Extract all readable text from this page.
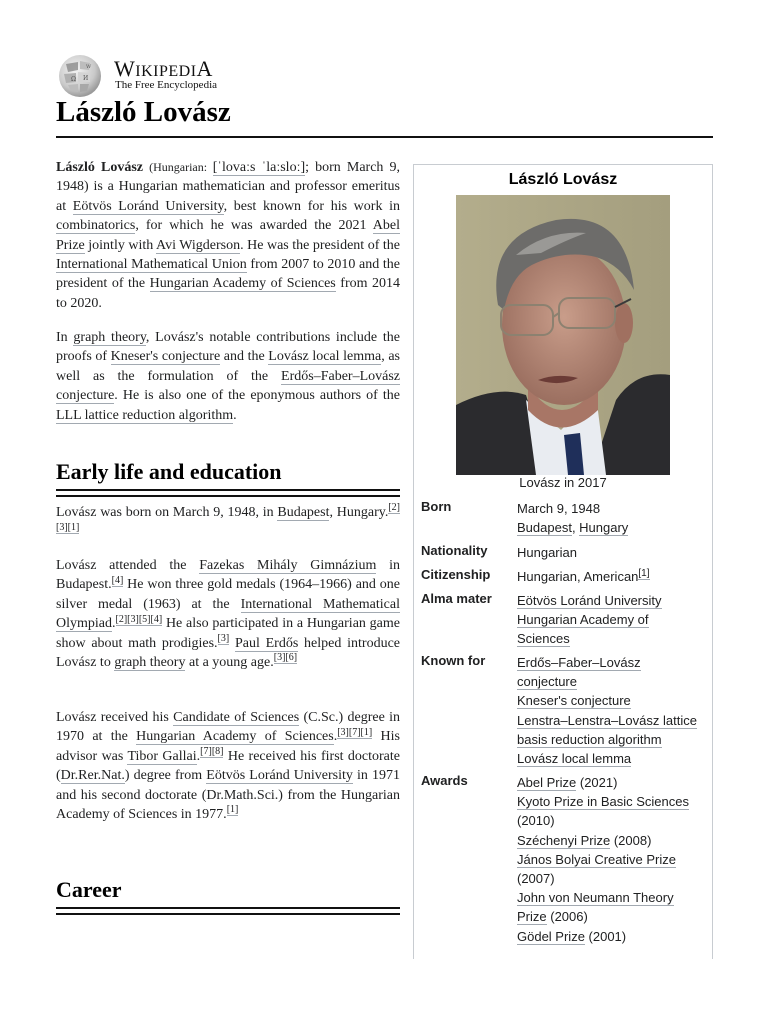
Ω И
W WIKIPEDIA
The Free Encyclopedia
László Lovász

László Lovász (Hungarian: [ˈlovaːs ˈlaːsloː]; born March 9, 1948) is a Hungarian mathematician and professor emeritus at Eötvös Loránd University, best known for his work in combinatorics, for which he was awarded the 2021 Abel Prize jointly with Avi Wigderson. He was the president of the International Mathematical Union from 2007 to 2010 and the president of the Hungarian Academy of Sciences from 2014 to 2020.

In graph theory, Lovász's notable contributions include the proofs of Kneser's conjecture and the Lovász local lemma, as well as the formulation of the Erdős–Faber–Lovász conjecture. He is also one of the eponymous authors of the LLL lattice reduction algorithm.

Early life and education

Lovász was born on March 9, 1948, in Budapest, Hungary.[2][3][1]

Lovász attended the Fazekas Mihály Gimnázium in Budapest.[4] He won three gold medals (1964–1966) and one silver medal (1963) at the International Mathematical Olympiad.[2][3][5][4] He also participated in a Hungarian game show about math prodigies.[3] Paul Erdős helped introduce Lovász to graph theory at a young age.[3][6]

Lovász received his Candidate of Sciences (C.Sc.) degree in 1970 at the Hungarian Academy of Sciences.[3][7][1] His advisor was Tibor Gallai.[7][8] He received his first doctorate (Dr.Rer.Nat.) degree from Eötvös Loránd University in 1971 and his second doctorate (Dr.Math.Sci.) from the Hungarian Academy of Sciences in 1977.[1]

Career
László Lovász
Lovász in 2017
Born	March 9, 1948
Budapest, Hungary
Nationality Hungarian
Citizenship Hungarian, American[1]
Alma mater Eötvös Loránd University
Hungarian Academy of
Sciences
Known for Erdős–Faber–Lovász
conjecture
Kneser's conjecture
Lenstra–Lenstra–Lovász lattice
basis reduction algorithm
Lovász local lemma
Awards	Abel Prize (2021)
Kyoto Prize in Basic Sciences
(2010)
Széchenyi Prize (2008)
János Bolyai Creative Prize
(2007)
John von Neumann Theory
Prize (2006)
Gödel Prize (2001)
